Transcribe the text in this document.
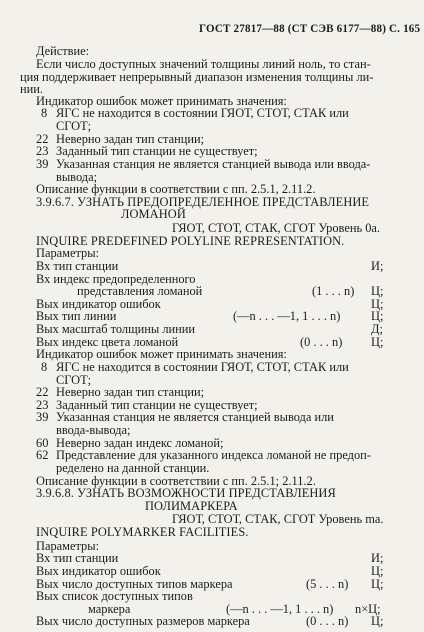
ГОСТ 27817—88 (СТ СЭВ 6177—88) С. 165
Действие:
Если число доступных значений толщины линий ноль, то стан-
ция поддерживает непрерывный диапазон изменения толщины ли-
нии.
Индикатор ошибок может принимать значения:
8 ЯГС не находится в состоянии ГЯОТ, СТОТ, СТАК или
СГОТ;
22 Неверно задан тип станции;
23 Заданный тип станции не существует;
39 Указанная станция не является станцией вывода или ввода-
вывода;
Описание функции в соответствии с пп. 2.5.1, 2.11.2.
3.9.6.7. УЗНАТЬ ПРЕДОПРЕДЕЛЕННОЕ ПРЕДСТАВЛЕНИЕ
ЛОМАНОЙ
ГЯОТ, СТОТ, СТАК, СГОТ Уровень 0а.
INQUIRE PREDEFINED POLYLINE REPRESENTATION.
Параметры:
Вх тип станции	И;
Вх индекс предопределенного
представления ломаной	(1 . . . n) Ц;
Вых индикатор ошибок	Ц;
Вых тип линии	(—n . . . —1, 1 . . . n) Ц;
Вых масштаб толщины линии	Д;
Вых индекс цвета ломаной	(0 . . . n) Ц;
Индикатор ошибок может принимать значения:
8 ЯГС не находится в состоянии ГЯОТ, СТОТ, СТАК или
СГОТ;
22 Неверно задан тип станции;
23 Заданный тип станции не существует;
39 Указанная станция не является станцией вывода или
ввода-вывода;
60 Неверно задан индекс ломаной;
62 Представление для указанного индекса ломаной не предоп-
ределено на данной станции.
Описание функции в соответствии с пп. 2.5.1; 2.11.2.
3.9.6.8. УЗНАТЬ ВОЗМОЖНОСТИ ПРЕДСТАВЛЕНИЯ
ПОЛИМАРКЕРА
ГЯОТ, СТОТ, СТАК, СГОТ Уровень ma.
INQUIRE POLYMARKER FACILITIES.
Параметры:
Вх тип станции	И;
Вых индикатор ошибок	Ц;
Вых число доступных типов маркера	(5 . . . n) Ц;
Вых список доступных типов
маркера	(—n . . . —1, 1 . . . n) n×Ц;
Вых число доступных размеров маркера	(0 . . . n) Ц;
